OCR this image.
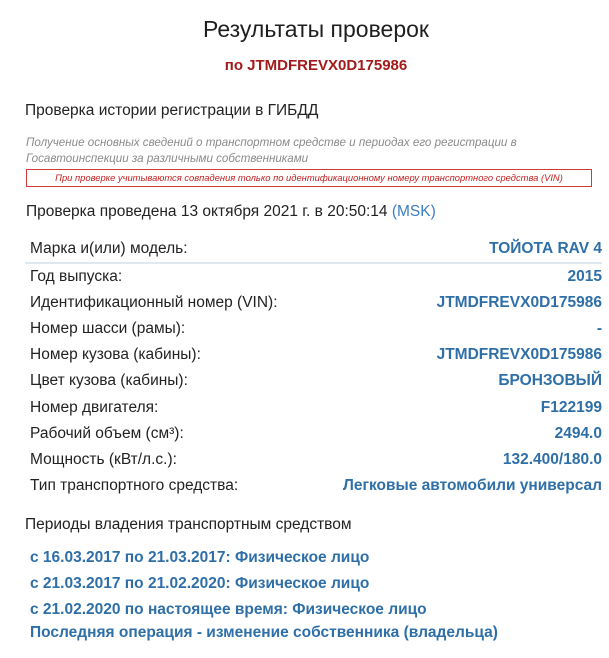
Результаты проверок
по JTMDFREVX0D175986
Проверка истории регистрации в ГИБДД
Получение основных сведений о транспортном средстве и периодах его регистрации в Госавтоинспекции за различными собственниками
При проверке учитываются совпадения только по идентификационному номеру транспортного средства (VIN)
Проверка проведена 13 октября 2021 г. в 20:50:14 (MSK)
Марка и(или) модель:	ТОЙОТА RAV 4
Год выпуска:	2015
Идентификационный номер (VIN):	JTMDFREVX0D175986
Номер шасси (рамы):	-
Номер кузова (кабины):	JTMDFREVX0D175986
Цвет кузова (кабины):	БРОНЗОВЫЙ
Номер двигателя:	F122199
Рабочий объем (см³):	2494.0
Мощность (кВт/л.с.):	132.400/180.0
Тип транспортного средства:	Легковые автомобили универсал
Периоды владения транспортным средством
с 16.03.2017 по 21.03.2017: Физическое лицо
с 21.03.2017 по 21.02.2020: Физическое лицо
с 21.02.2020 по настоящее время: Физическое лицо
Последняя операция - изменение собственника (владельца)
